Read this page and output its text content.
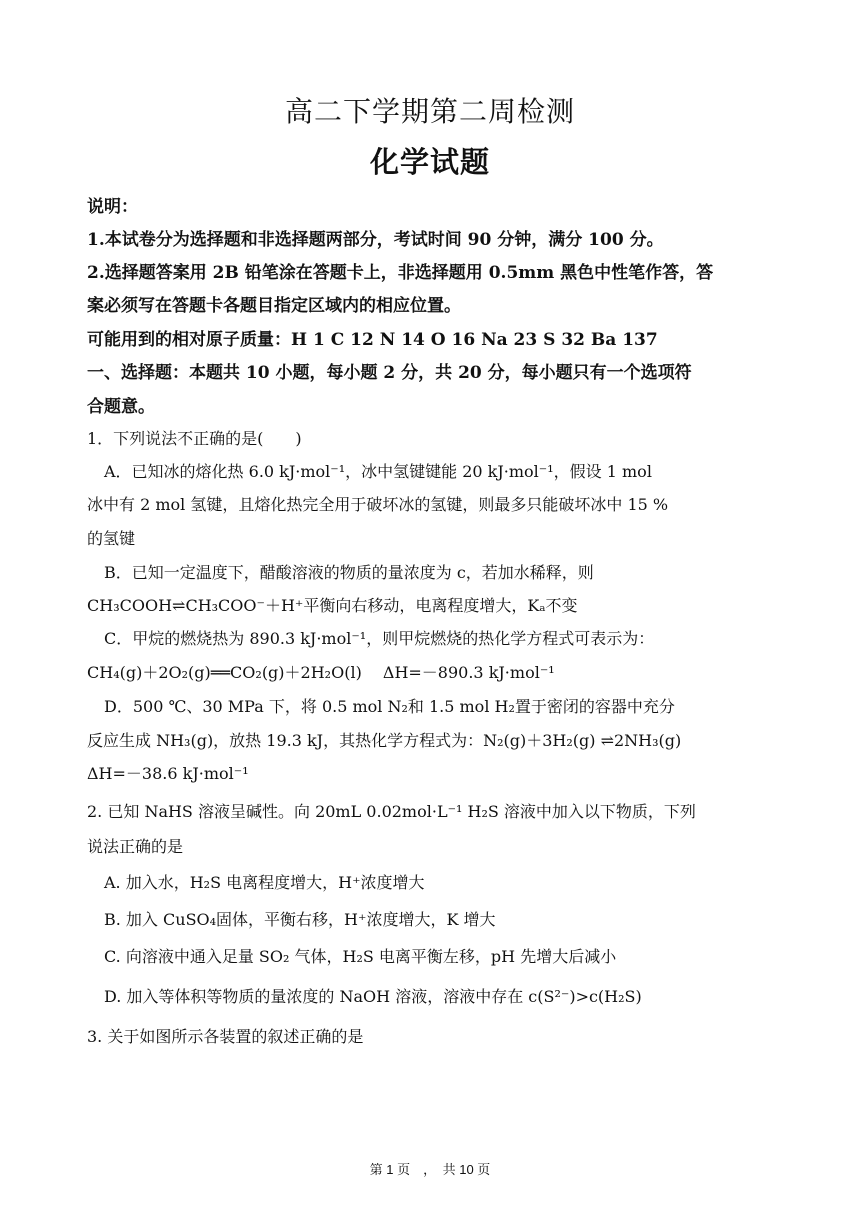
高二下学期第二周检测
化学试题
说明：
1.本试卷分为选择题和非选择题两部分，考试时间 90 分钟，满分 100 分。
2.选择题答案用 2B 铅笔涂在答题卡上，非选择题用 0.5mm 黑色中性笔作答，答
案必须写在答题卡各题目指定区域内的相应位置。
可能用到的相对原子质量：H 1 C 12 N 14 O 16 Na 23 S 32 Ba 137
一、选择题：本题共 10 小题，每小题 2 分，共 20 分，每小题只有一个选项符
合题意。
1．下列说法不正确的是(　　)
A．已知冰的熔化热 6.0 kJ·mol⁻¹，冰中氢键键能 20 kJ·mol⁻¹，假设 1 mol
冰中有 2 mol 氢键，且熔化热完全用于破坏冰的氢键，则最多只能破坏冰中 15 %
的氢键
B．已知一定温度下，醋酸溶液的物质的量浓度为 c，若加水稀释，则
CH₃COOH⇌CH₃COO⁻＋H⁺平衡向右移动，电离程度增大，Kₐ不变
C．甲烷的燃烧热为 890.3 kJ·mol⁻¹，则甲烷燃烧的热化学方程式可表示为：
CH₄(g)＋2O₂(g)══CO₂(g)＋2H₂O(l)　 ΔH=－890.3 kJ·mol⁻¹
D．500 ℃、30 MPa 下，将 0.5 mol N₂和 1.5 mol H₂置于密闭的容器中充分
反应生成 NH₃(g)，放热 19.3 kJ，其热化学方程式为：N₂(g)＋3H₂(g) ⇌2NH₃(g)
ΔH=－38.6 kJ·mol⁻¹
2. 已知 NaHS 溶液呈碱性。向 20mL 0.02mol·L⁻¹ H₂S 溶液中加入以下物质，下列
说法正确的是
A. 加入水，H₂S 电离程度增大，H⁺浓度增大
B. 加入 CuSO₄固体，平衡右移，H⁺浓度增大，K 增大
C. 向溶液中通入足量 SO₂ 气体，H₂S 电离平衡左移，pH 先增大后减小
D. 加入等体积等物质的量浓度的 NaOH 溶液，溶液中存在 c(S²⁻)>c(H₂S)
3. 关于如图所示各装置的叙述正确的是
第 1 页　，　共 10 页
